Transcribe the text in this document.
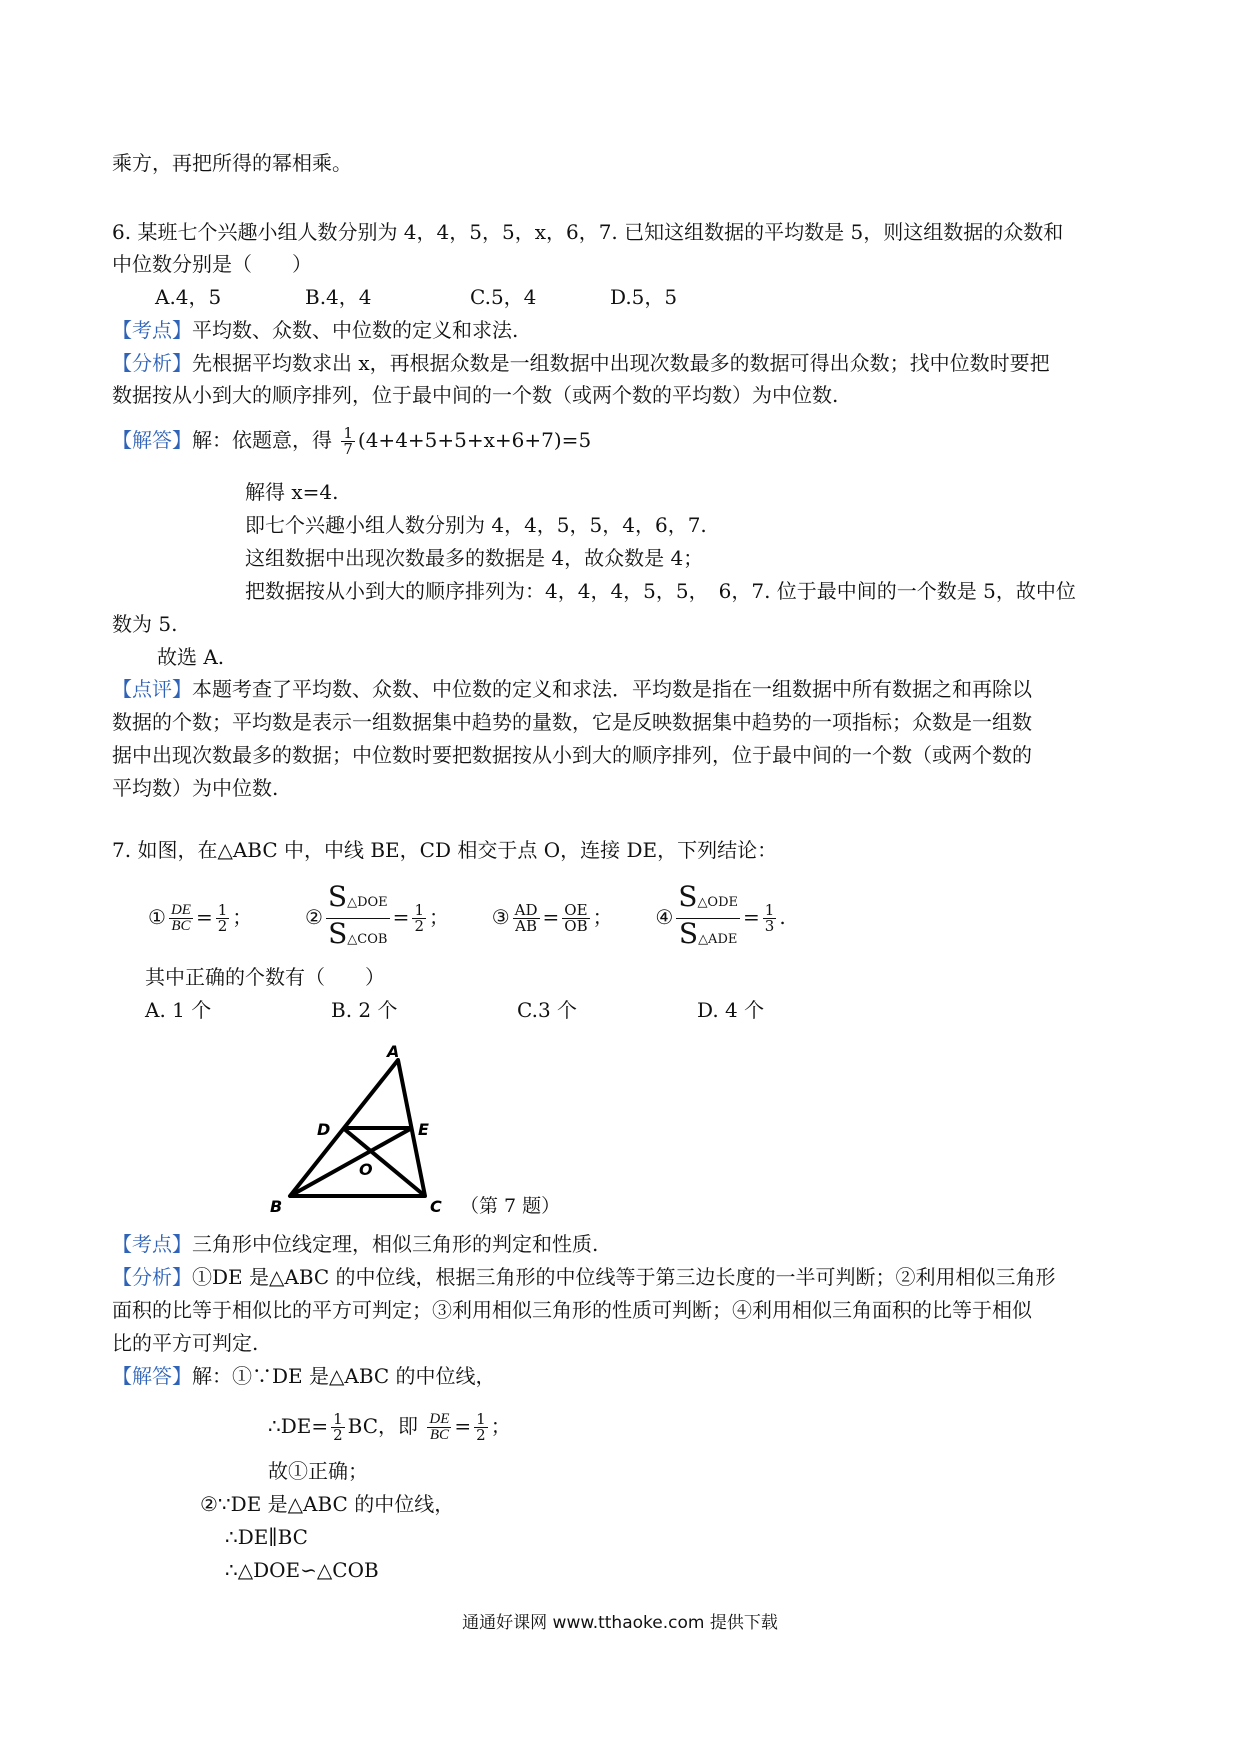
乘方，再把所得的幂相乘。
6. 某班七个兴趣小组人数分别为 4，4，5，5，x，6，7. 已知这组数据的平均数是 5，则这组数据的众数和
中位数分别是（　　）
A.4，5	B.4，4	C.5，4	D.5，5
【考点】平均数、众数、中位数的定义和求法.
【分析】先根据平均数求出 x，再根据众数是一组数据中出现次数最多的数据可得出众数；找中位数时要把
数据按从小到大的顺序排列，位于最中间的一个数（或两个数的平均数）为中位数.
【解答】解：依题意，得 $\frac{1}{7} (4+4+5+5+x+6+7)=5$
解得 x=4.
即七个兴趣小组人数分别为 4，4，5，5，4，6，7.
这组数据中出现次数最多的数据是 4，故众数是 4；
把数据按从小到大的顺序排列为：4，4，4，5，5，　6，7. 位于最中间的一个数是 5，故中位
数为 5.
故选 A.
【点评】本题考查了平均数、众数、中位数的定义和求法．平均数是指在一组数据中所有数据之和再除以
数据的个数；平均数是表示一组数据集中趋势的量数，它是反映数据集中趋势的一项指标；众数是一组数
据中出现次数最多的数据；中位数时要把数据按从小到大的顺序排列，位于最中间的一个数（或两个数的
平均数）为中位数.
7. 如图，在△ABC 中，中线 BE，CD 相交于点 O，连接 DE，下列结论：
① $\frac{DE}{BC} = \frac{1}{2}$ ；	② $\frac{\text{S△DOE}}{\text{S△COB}} = \frac{1}{2}$ ； ③ $\frac{AD}{AB} = \frac{OE}{OB}$ ； ④ $\frac{\text{S△ODE}}{\text{S△ADE}} = \frac{1}{3}$ .
其中正确的个数有（　　）
A. 1 个	B. 2 个	C.3 个	D. 4 个
A
B	C
D	E
O
（第 7 题）
【考点】三角形中位线定理，相似三角形的判定和性质.
【分析】①DE 是△ABC 的中位线，根据三角形的中位线等于第三边长度的一半可判断；②利用相似三角形
面积的比等于相似比的平方可判定；③利用相似三角形的性质可判断；④利用相似三角面积的比等于相似
比的平方可判定.
【解答】解：①∵DE 是△ABC 的中位线，
∴DE= $\frac{1}{2}$ BC，即 $\frac{DE}{BC} = \frac{1}{2}$ ；
故①正确；
②∵DE 是△ABC 的中位线，
∴DE∥BC
∴△DOE∽△COB
通通好课网 www.tthaoke.com 提供下载
